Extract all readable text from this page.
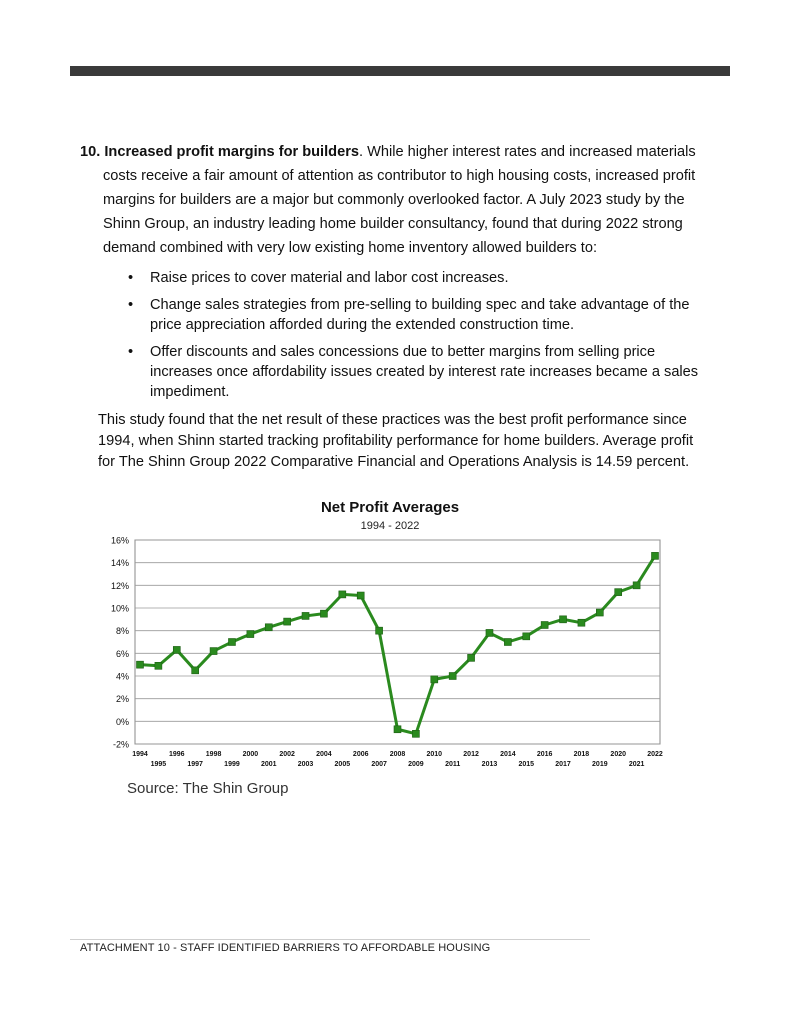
10. Increased profit margins for builders. While higher interest rates and increased materials costs receive a fair amount of attention as contributor to high housing costs, increased profit margins for builders are a major but commonly overlooked factor. A July 2023 study by the Shinn Group, an industry leading home builder consultancy, found that during 2022 strong demand combined with very low existing home inventory allowed builders to:

• Raise prices to cover material and labor cost increases.
• Change sales strategies from pre-selling to building spec and take advantage of the price appreciation afforded during the extended construction time.
• Offer discounts and sales concessions due to better margins from selling price increases once affordability issues created by interest rate increases became a sales impediment.

This study found that the net result of these practices was the best profit performance since 1994, when Shinn started tracking profitability performance for home builders. Average profit for The Shinn Group 2022 Comparative Financial and Operations Analysis is 14.59 percent.

Net Profit Averages
1994 - 2022
16%
14%
12%
10%
8%
6%
4%
2%
0%
-2%
1994
1995
1996
1997
1998
1999
2000
2001
2002
2003
2004
2005
2006
2007
2008
2009
2010
2011
2012
2013
2014
2015
2016
2017
2018
2019
2020
2021
2022
Source: The Shin Group
ATTACHMENT 10 - STAFF IDENTIFIED BARRIERS TO AFFORDABLE HOUSING
